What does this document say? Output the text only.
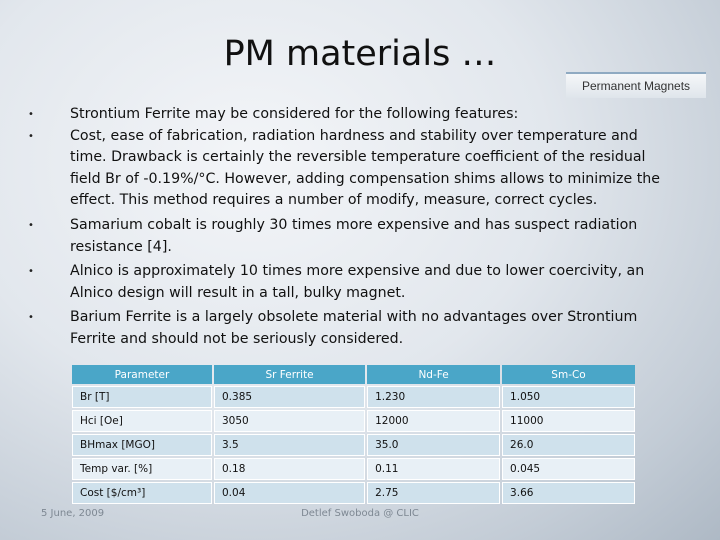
PM materials …
Permanent Magnets
• Strontium Ferrite may be considered for the following features:
• Cost, ease of fabrication, radiation hardness and stability over temperature and time. Drawback is certainly the reversible temperature coefficient of the residual field Br of -0.19%/°C. However, adding compensation shims allows to minimize the effect. This method requires a number of modify, measure, correct cycles.
• Samarium cobalt is roughly 30 times more expensive and has suspect radiation resistance [4].
• Alnico is approximately 10 times more expensive and due to lower coercivity, an Alnico design will result in a tall, bulky magnet.
• Barium Ferrite is a largely obsolete material with no advantages over Strontium Ferrite and should not be seriously considered.
Parameter	Sr Ferrite	Nd-Fe	Sm-Co
Br [T]	0.385	1.230	1.050
Hci [Oe]	3050	12000	11000
BHmax [MGO]	3.5	35.0	26.0
Temp var. [%]	0.18	0.11	0.045
Cost [$/cm³]	0.04	2.75	3.66
5 June, 2009	Detlef Swoboda @ CLIC
